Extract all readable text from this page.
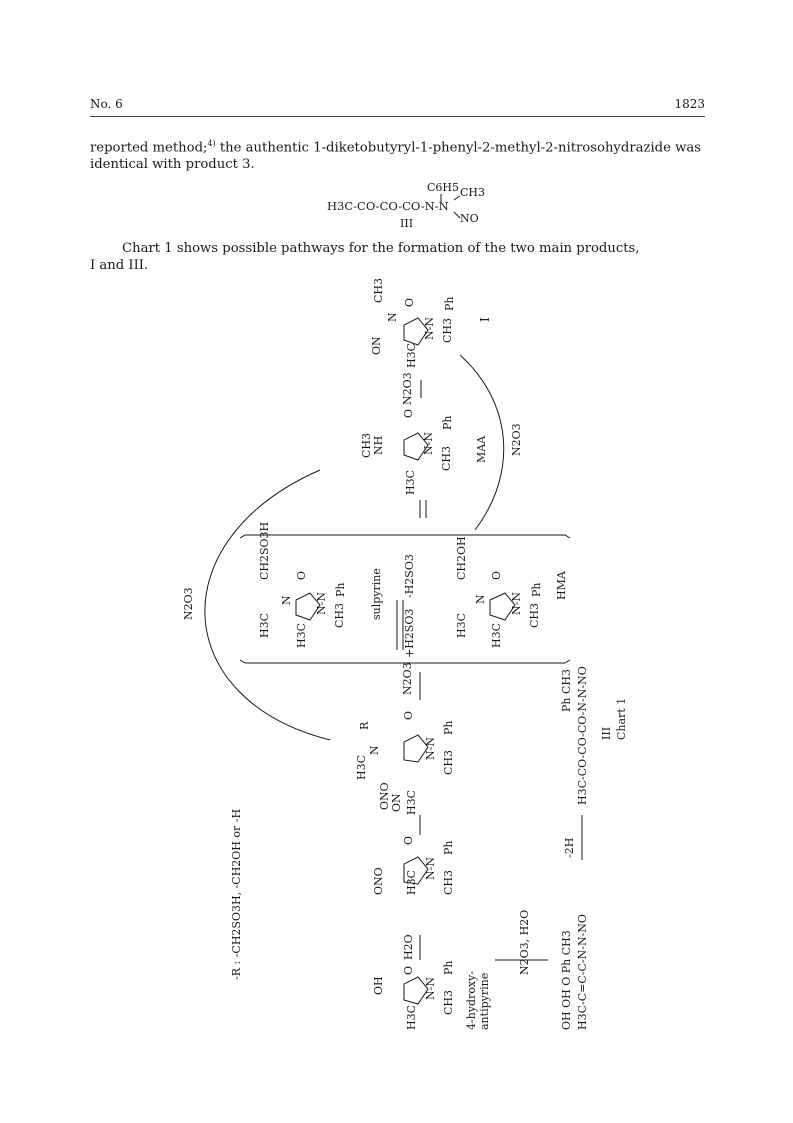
No. 6	1823
reported method;$^{4)}$ the authentic 1-diketobutyryl-1-phenyl-2-methyl-2-nitrosohydrazide was
identical with product 3.
Chart 1 shows possible pathways for the formation of the two main products,
I and III.
C6H5 CH3
H3C-CO-CO-CO-N-N
NO
III
ON
CH3
N
O
H3C
N-N
Ph
CH3 I
N2O3
CH3 NH
O
H3C
N-N
Ph
CH3 MAA N2O3
CH2SO3H
H3C
N
O
H3C
N-N
Ph
CH3 sulpyrine -H2SO3
+H2SO3
CH2OH
H3C
N
O
H3C
N-N
Ph
CH3
HMA
N2O3
N2O3
H3C
N
R
O
ONO ON H3C
N-N
Ph
CH3
ONO
O
H3C
N-N
Ph
CH3
H2O
OH
O
H3C
N-N
Ph
CH3 4-hydroxy- antipyrine
N2O3, H2O	OH OH O Ph CH3 H3C-C=C-C-N-N-NO
-2H
Ph CH3 H3C-CO-CO-CO-N-N-NO III Chart 1
-R : -CH2SO3H, -CH2OH or -H
